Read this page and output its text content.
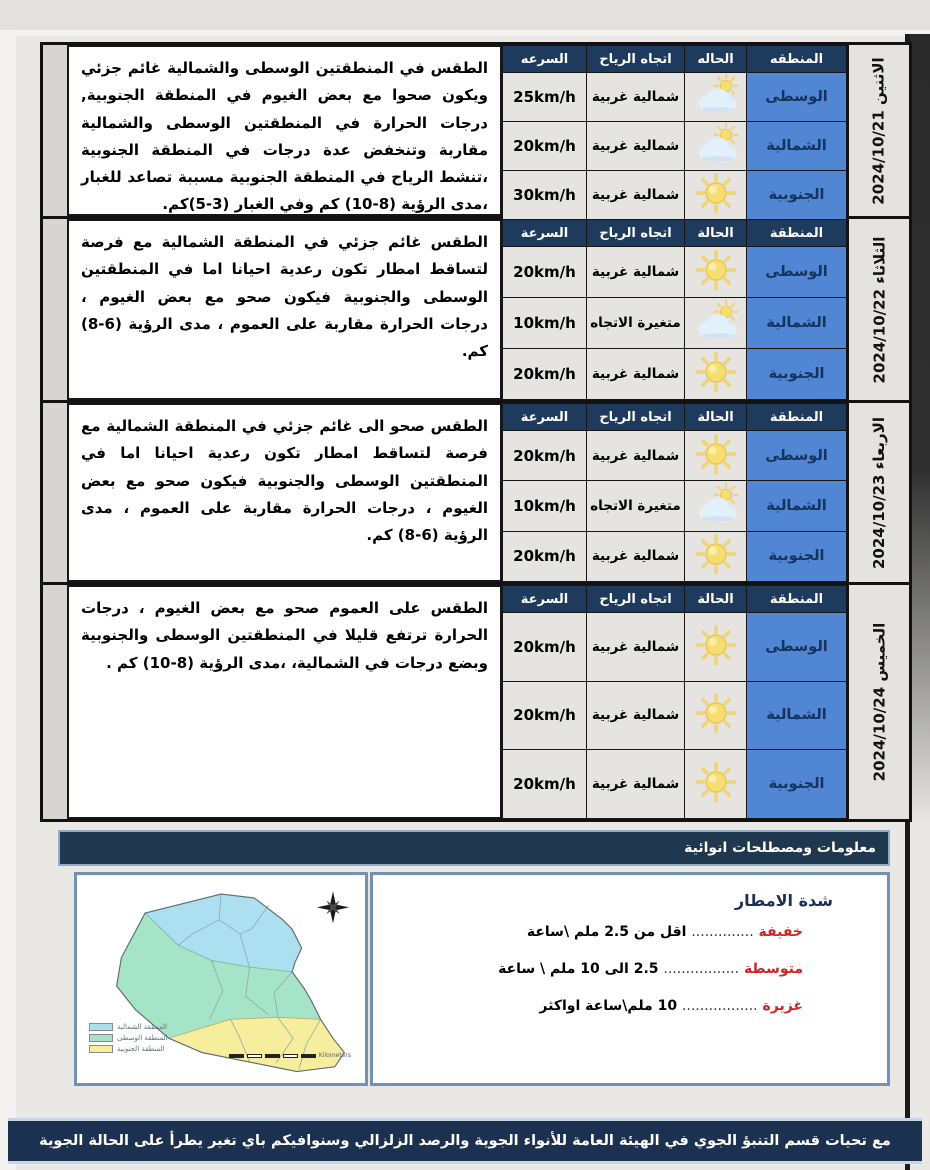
الاثنين 2024/10/21
المنطقه	الحاله	اتجاه الرياح	السرعه
الوسطى		شمالية غربية	25km/h
الشمالية		شمالية غربية	20km/h
الجنوبية		شمالية غربية	30km/h

الطقس في المنطقتين الوسطى والشمالية غائم جزئي ويكون صحوا مع بعض الغيوم في المنطقة الجنوبية, درجات الحرارة في المنطقتين الوسطى والشمالية مقاربة وتنخفض عدة درجات في المنطقة الجنوبية ،تنشط الرياح في المنطقة الجنوبية مسببة تصاعد للغبار ،مدى الرؤية (8-10) كم وفي الغبار (3-5)كم.

الثلاثاء 2024/10/22
المنطقة	الحالة	اتجاه الرياح	السرعة
الوسطى		شمالية غربية	20km/h
الشمالية		متغيرة الاتجاه	10km/h
الجنوبية		شمالية غربية	20km/h

الطقس غائم جزئي في المنطقة الشمالية مع فرصة لتساقط امطار تكون رعدية احيانا اما في المنطقتين الوسطى والجنوبية فيكون صحو مع بعض الغيوم ، درجات الحرارة مقاربة على العموم ، مدى الرؤية (6-8) كم.

الاربعاء 2024/10/23
المنطقة	الحالة	اتجاه الرياح	السرعة
الوسطى		شمالية غربية	20km/h
الشمالية		متغيرة الاتجاه	10km/h
الجنوبية		شمالية غربية	20km/h

الطقس صحو الى غائم جزئي في المنطقة الشمالية مع فرصة لتساقط امطار تكون رعدية احيانا اما في المنطقتين الوسطى والجنوبية فيكون صحو مع بعض الغيوم ، درجات الحرارة مقاربة على العموم ، مدى الرؤية (6-8) كم.

الخميس 2024/10/24
المنطقة	الحالة	اتجاه الرياح	السرعة
الوسطى		شمالية غربية	20km/h
الشمالية		شمالية غربية	20km/h
الجنوبية		شمالية غربية	20km/h

الطقس على العموم صحو مع بعض الغيوم ، درجات الحرارة ترتفع قليلا في المنطقتين الوسطى والجنوبية وبضع درجات في الشمالية، ،مدى الرؤية (8-10) كم .

معلومات ومصطلحات انوائية
المنطقة الشمالية
المنطقة الوسطى
المنطقة الجنوبية
Kilometers
شدة الامطار
خفيفة .............. اقل من 2.5 ملم \ساعة
متوسطة ................. 2.5 الى 10 ملم \ ساعة
غزيرة ................. 10 ملم\ساعة اواكثر
مع تحيات قسم التنبؤ الجوي في الهيئة العامة للأنواء الجوية والرصد الزلزالي وسنوافيكم باي تغير يطرأ على الحالة الجوية
